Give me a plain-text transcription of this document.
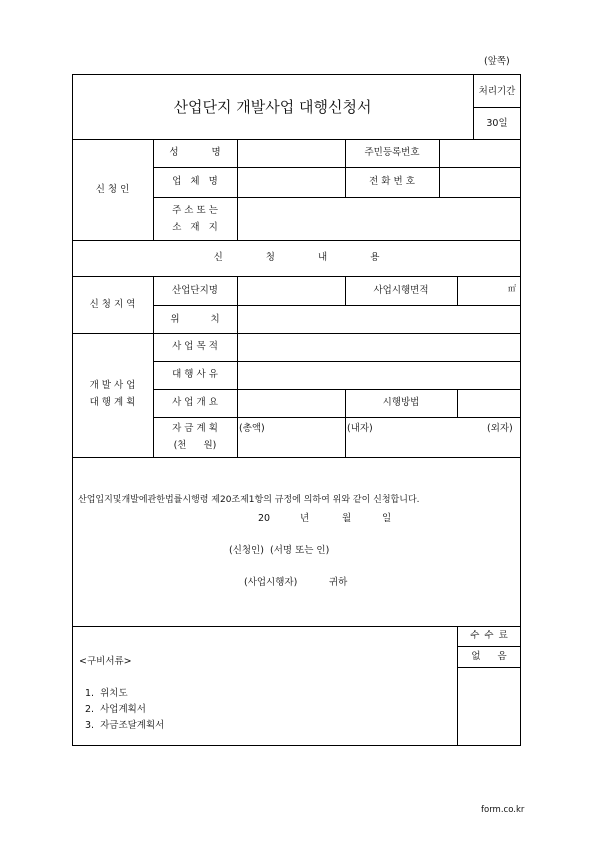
(앞쪽)
산업단지 개발사업 대행신청서
처리기간
30일
신 청 인
성 명	주민등록번호
업 체 명	전 화 번 호
주 소 또 는
소 재 지
신 청 내 용
신 청 지 역
산업단지명	사업시행면적	㎡
위 치
개 발 사 업
대 행 계 획
사 업 목 적
대 행 사 유
사 업 개 요	시행방법
자 금 계 획
(천 원)
(총액)	(내자)	(외자)
산업입지및개발에관한법률시행령 제20조제1항의 규정에 의하여 위와 같이 신청합니다.
20	년	월	일
(신청인)  (서명 또는 인)
(사업시행자)	귀하
<구비서류>
1.  위치도
2.  사업계획서
3.  자금조달계획서
수 수 료
없 음
form.co.kr
